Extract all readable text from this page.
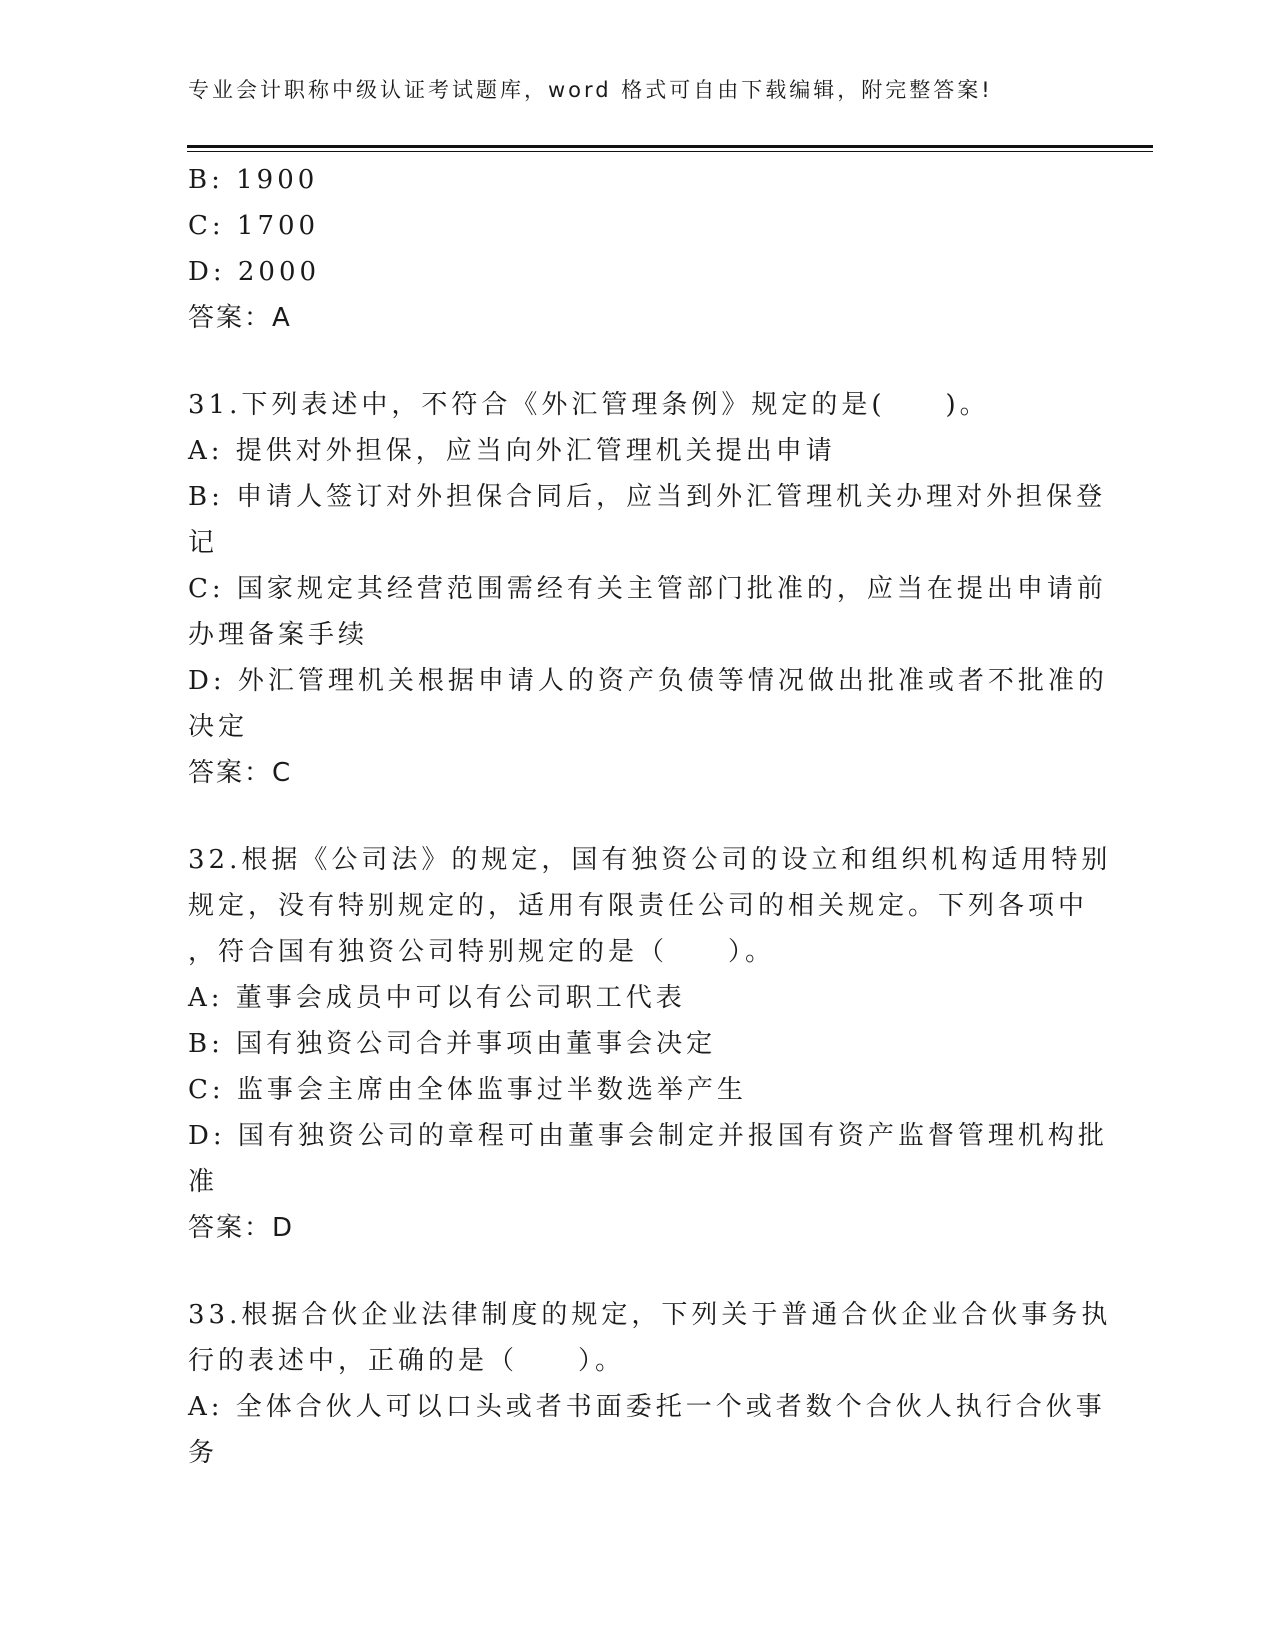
专业会计职称中级认证考试题库，word 格式可自由下载编辑，附完整答案!
B: 1900
C: 1700
D: 2000
答案：A
31.下列表述中，不符合《外汇管理条例》规定的是(　　)。
A: 提供对外担保，应当向外汇管理机关提出申请
B: 申请人签订对外担保合同后，应当到外汇管理机关办理对外担保登
记
C: 国家规定其经营范围需经有关主管部门批准的，应当在提出申请前
办理备案手续
D: 外汇管理机关根据申请人的资产负债等情况做出批准或者不批准的
决定
答案：C
32.根据《公司法》的规定，国有独资公司的设立和组织机构适用特别
规定，没有特别规定的，适用有限责任公司的相关规定。下列各项中
，符合国有独资公司特别规定的是（　　）。
A: 董事会成员中可以有公司职工代表
B: 国有独资公司合并事项由董事会决定
C: 监事会主席由全体监事过半数选举产生
D: 国有独资公司的章程可由董事会制定并报国有资产监督管理机构批
准
答案：D
33.根据合伙企业法律制度的规定，下列关于普通合伙企业合伙事务执
行的表述中，正确的是（　　）。
A: 全体合伙人可以口头或者书面委托一个或者数个合伙人执行合伙事
务
